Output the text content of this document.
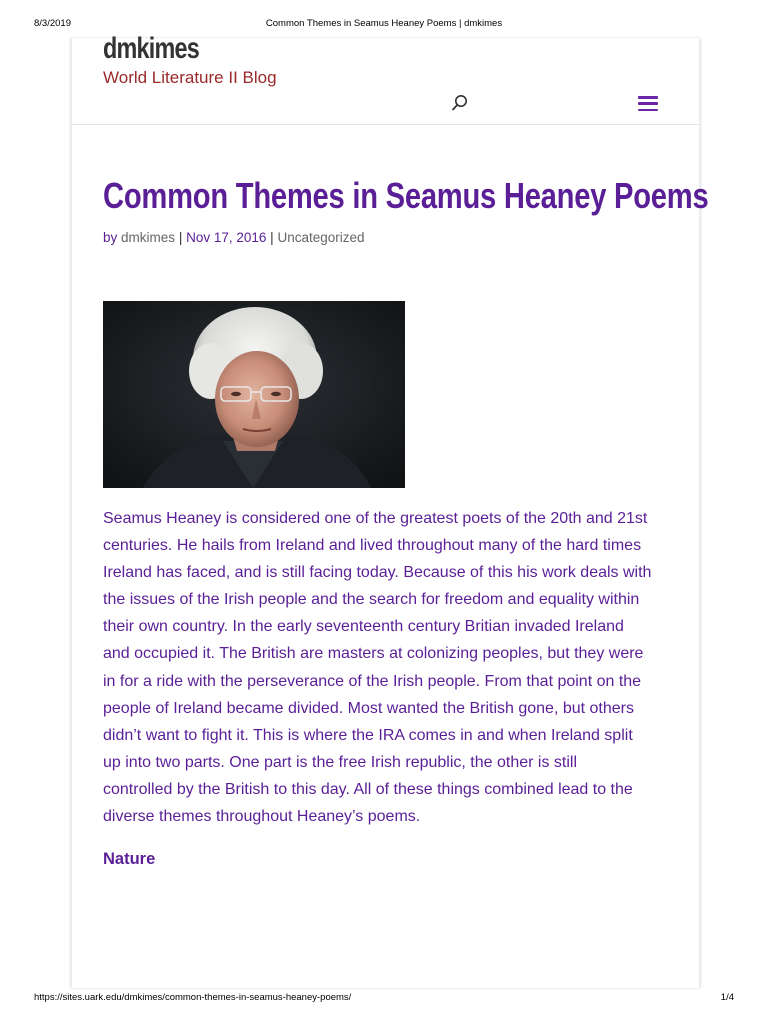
8/3/2019	Common Themes in Seamus Heaney Poems | dmkimes
dmkimes
World Literature II Blog
Common Themes in Seamus Heaney Poems
by dmkimes | Nov 17, 2016 | Uncategorized
Seamus Heaney is considered one of the greatest poets of the 20th and 21st
centuries. He hails from Ireland and lived throughout many of the hard times
Ireland has faced, and is still facing today. Because of this his work deals with
the issues of the Irish people and the search for freedom and equality within
their own country. In the early seventeenth century Britian invaded Ireland
and occupied it. The British are masters at colonizing peoples, but they were
in for a ride with the perseverance of the Irish people. From that point on the
people of Ireland became divided. Most wanted the British gone, but others
didn’t want to fight it. This is where the IRA comes in and when Ireland split
up into two parts. One part is the free Irish republic, the other is still
controlled by the British to this day. All of these things combined lead to the
diverse themes throughout Heaney’s poems.
Nature
https://sites.uark.edu/dmkimes/common-themes-in-seamus-heaney-poems/	1/4
